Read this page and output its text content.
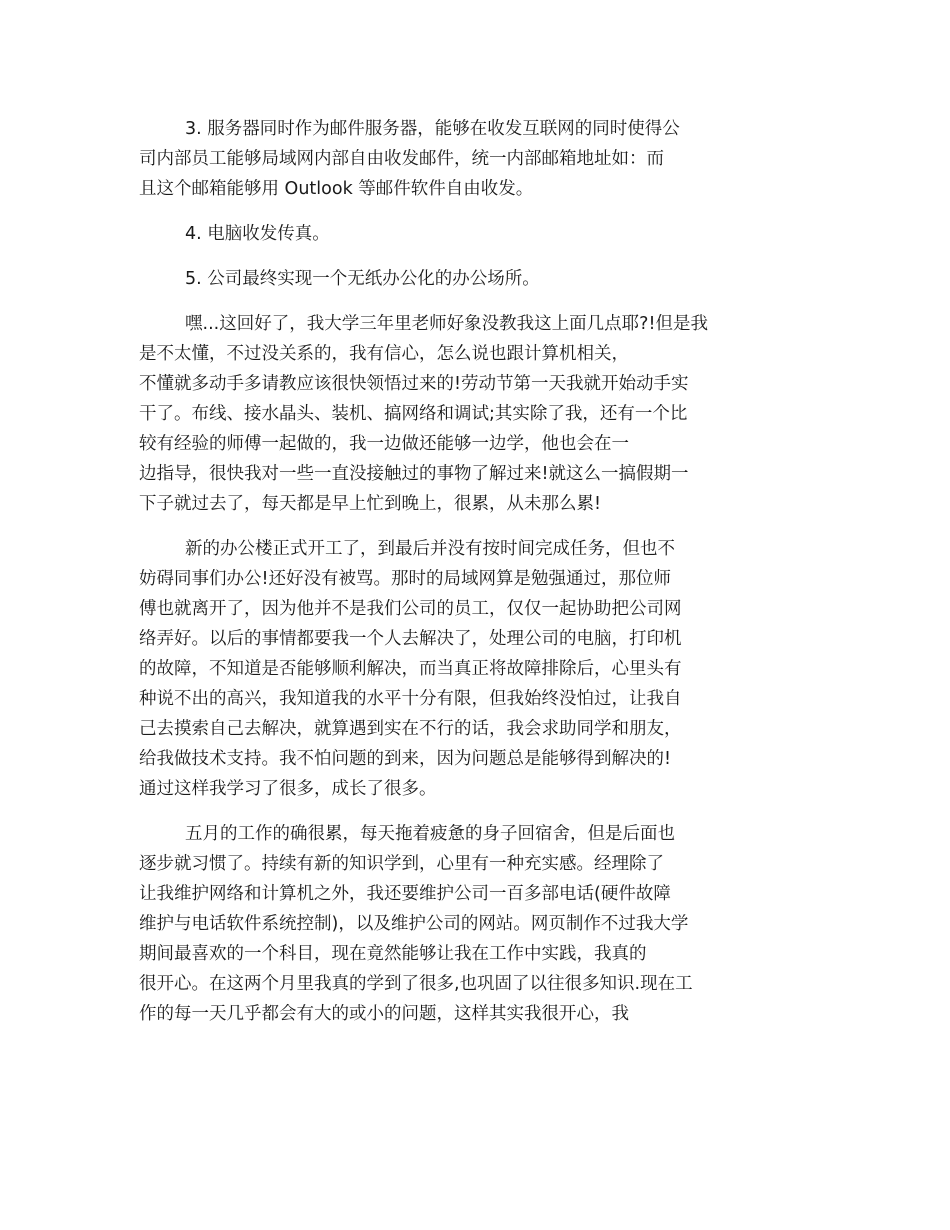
3. 服务器同时作为邮件服务器，能够在收发互联网的同时使得公
司内部员工能够局域网内部自由收发邮件，统一内部邮箱地址如：而
且这个邮箱能够用 Outlook 等邮件软件自由收发。
4. 电脑收发传真。
5. 公司最终实现一个无纸办公化的办公场所。
嘿...这回好了，我大学三年里老师好象没教我这上面几点耶?!但是我
是不太懂，不过没关系的，我有信心，怎么说也跟计算机相关，
不懂就多动手多请教应该很快领悟过来的!劳动节第一天我就开始动手实
干了。布线、接水晶头、装机、搞网络和调试;其实除了我，还有一个比
较有经验的师傅一起做的，我一边做还能够一边学，他也会在一
边指导，很快我对一些一直没接触过的事物了解过来!就这么一搞假期一
下子就过去了，每天都是早上忙到晚上，很累，从未那么累!
新的办公楼正式开工了，到最后并没有按时间完成任务，但也不
妨碍同事们办公!还好没有被骂。那时的局域网算是勉强通过，那位师
傅也就离开了，因为他并不是我们公司的员工，仅仅一起协助把公司网
络弄好。以后的事情都要我一个人去解决了，处理公司的电脑，打印机
的故障，不知道是否能够顺利解决，而当真正将故障排除后，心里头有
种说不出的高兴，我知道我的水平十分有限，但我始终没怕过，让我自
己去摸索自己去解决，就算遇到实在不行的话，我会求助同学和朋友，
给我做技术支持。我不怕问题的到来，因为问题总是能够得到解决的!
通过这样我学习了很多，成长了很多。
五月的工作的确很累，每天拖着疲惫的身子回宿舍，但是后面也
逐步就习惯了。持续有新的知识学到，心里有一种充实感。经理除了
让我维护网络和计算机之外，我还要维护公司一百多部电话(硬件故障
维护与电话软件系统控制)，以及维护公司的网站。网页制作不过我大学
期间最喜欢的一个科目，现在竟然能够让我在工作中实践，我真的
很开心。在这两个月里我真的学到了很多,也巩固了以往很多知识.现在工
作的每一天几乎都会有大的或小的问题，这样其实我很开心，我
